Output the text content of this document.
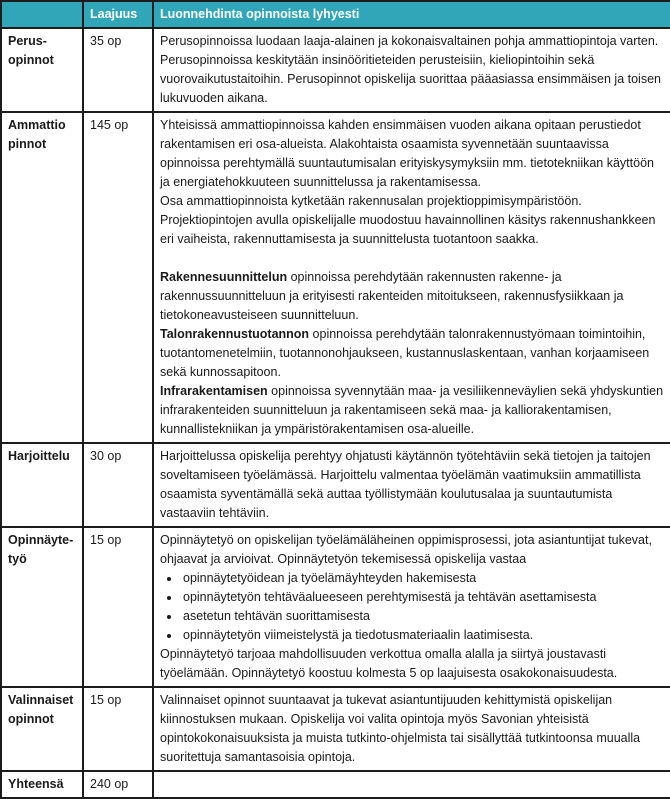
	Laajuus	Luonnehdinta opinnoista lyhyesti

Perus-
opinnot	35 op	Perusopinnoissa luodaan laaja-alainen ja kokonaisvaltainen pohja ammattiopintoja varten. Perusopinnoissa keskitytään insinööritieteiden perusteisiin, kieliopintoihin sekä vuorovaikutustaitoihin. Perusopinnot opiskelija suorittaa pääasiassa ensimmäisen ja toisen lukuvuoden aikana.

Ammattio
pinnot
	145 op	Yhteisissä ammattiopinnoissa kahden ensimmäisen vuoden aikana opitaan perustiedot rakentamisen eri osa-alueista. Alakohtaista osaamista syvennetään suuntaavissa opinnoissa perehtymällä suuntautumisalan erityiskysymyksiin mm. tietotekniikan käyttöön ja energiatehokkuuteen suunnittelussa ja rakentamisessa.

Osa ammattiopinnoista kytketään rakennusalan projektioppimisympäristöön. Projektiopintojen avulla opiskelijalle muodostuu havainnollinen käsitys rakennushankkeen eri vaiheista, rakennuttamisesta ja suunnittelusta tuotantoon saakka.

Rakennesuunnittelun opinnoissa perehdytään rakennusten rakenne- ja rakennussuunnitteluun ja erityisesti rakenteiden mitoitukseen, rakennusfysiikkaan ja tietokoneavusteiseen suunnitteluun.

Talonrakennustuotannon opinnoissa perehdytään talonrakennustyömaan toimintoihin, tuotantomenetelmiin, tuotannonohjaukseen, kustannuslaskentaan, vanhan korjaamiseen sekä kunnossapitoon.

Infrarakentamisen opinnoissa syvennytään maa- ja vesiliikenneväylien sekä yhdyskuntien infrarakenteiden suunnitteluun ja rakentamiseen sekä maa- ja kalliorakentamisen, kunnallistekniikan ja ympäristörakentamisen osa-alueille.

Harjoittelu	30 op	Harjoittelussa opiskelija perehtyy ohjatusti käytännön työtehtäviin sekä tietojen ja taitojen soveltamiseen työelämässä. Harjoittelu valmentaa työelämän vaatimuksiin ammatillista osaamista syventämällä sekä auttaa työllistymään koulutusalaa ja suuntautumista vastaaviin tehtäviin.

Opinnäyte-
työ
	15 op	Opinnäytetyö on opiskelijan työelämäläheinen oppimisprosessi, jota asiantuntijat tukevat, ohjaavat ja arvioivat. Opinnäytetyön tekemisessä opiskelija vastaa

• opinnäytetyöidean ja työelämäyhteyden hakemisesta
• opinnäytetyön tehtäväalueeseen perehtymisestä ja tehtävän asettamisesta
• asetetun tehtävän suorittamisesta
• opinnäytetyön viimeistelystä ja tiedotusmateriaalin laatimisesta.

Opinnäytetyö tarjoaa mahdollisuuden verkottua omalla alalla ja siirtyä joustavasti työelämään. Opinnäytetyö koostuu kolmesta 5 op laajuisesta osakokonaisuudesta.

Valinnaiset
opinnot	15 op	Valinnaiset opinnot suuntaavat ja tukevat asiantuntijuuden kehittymistä opiskelijan kiinnostuksen mukaan. Opiskelija voi valita opintoja myös Savonian yhteisistä opintokokonaisuuksista ja muista tutkinto-ohjelmista tai sisällyttää tutkintoonsa muualla suoritettuja samantasoisia opintoja.

Yhteensä	240 op	
